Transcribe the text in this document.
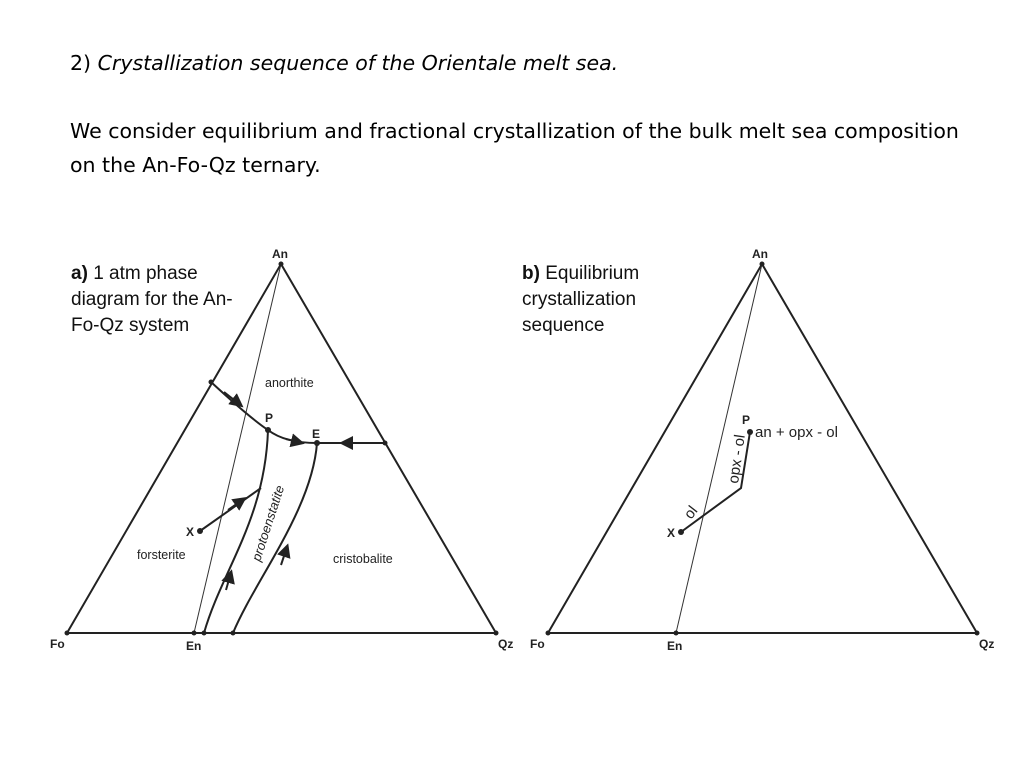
2) Crystallization sequence of the Orientale melt sea.

We consider equilibrium and fractional crystallization of the bulk melt sea composition on the An-Fo-Qz ternary.

a) 1 atm phase diagram for the An-Fo-Qz system
b) Equilibrium crystallization sequence
An
Fo	Qz
En
P
E
X
anorthite
forsterite	cristobalite
protoenstatite
An
Fo	Qz
En
P
X
ol
opx - ol
an + opx - ol
